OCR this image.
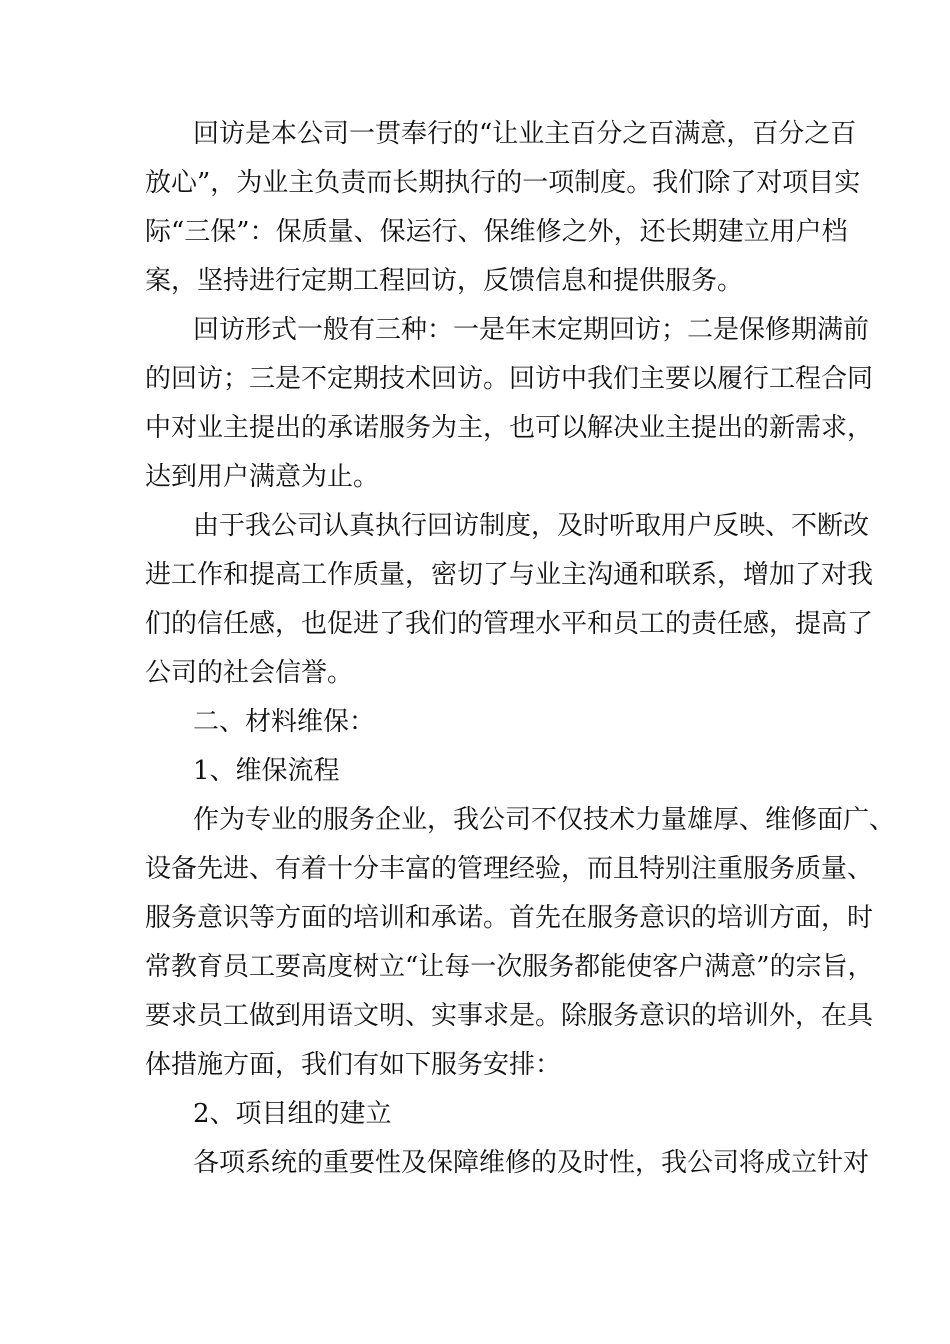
回访是本公司一贯奉行的“让业主百分之百满意，百分之百
放心”，为业主负责而长期执行的一项制度。我们除了对项目实
际“三保”：保质量、保运行、保维修之外，还长期建立用户档
案，坚持进行定期工程回访，反馈信息和提供服务。
回访形式一般有三种：一是年末定期回访；二是保修期满前
的回访；三是不定期技术回访。回访中我们主要以履行工程合同
中对业主提出的承诺服务为主，也可以解决业主提出的新需求，
达到用户满意为止。
由于我公司认真执行回访制度，及时听取用户反映、不断改
进工作和提高工作质量，密切了与业主沟通和联系，增加了对我
们的信任感，也促进了我们的管理水平和员工的责任感，提高了
公司的社会信誉。
二、材料维保：
1、维保流程
作为专业的服务企业，我公司不仅技术力量雄厚、维修面广、
设备先进、有着十分丰富的管理经验，而且特别注重服务质量、
服务意识等方面的培训和承诺。首先在服务意识的培训方面，时
常教育员工要高度树立“让每一次服务都能使客户满意”的宗旨，
要求员工做到用语文明、实事求是。除服务意识的培训外，在具
体措施方面，我们有如下服务安排：
2、项目组的建立
各项系统的重要性及保障维修的及时性，我公司将成立针对
